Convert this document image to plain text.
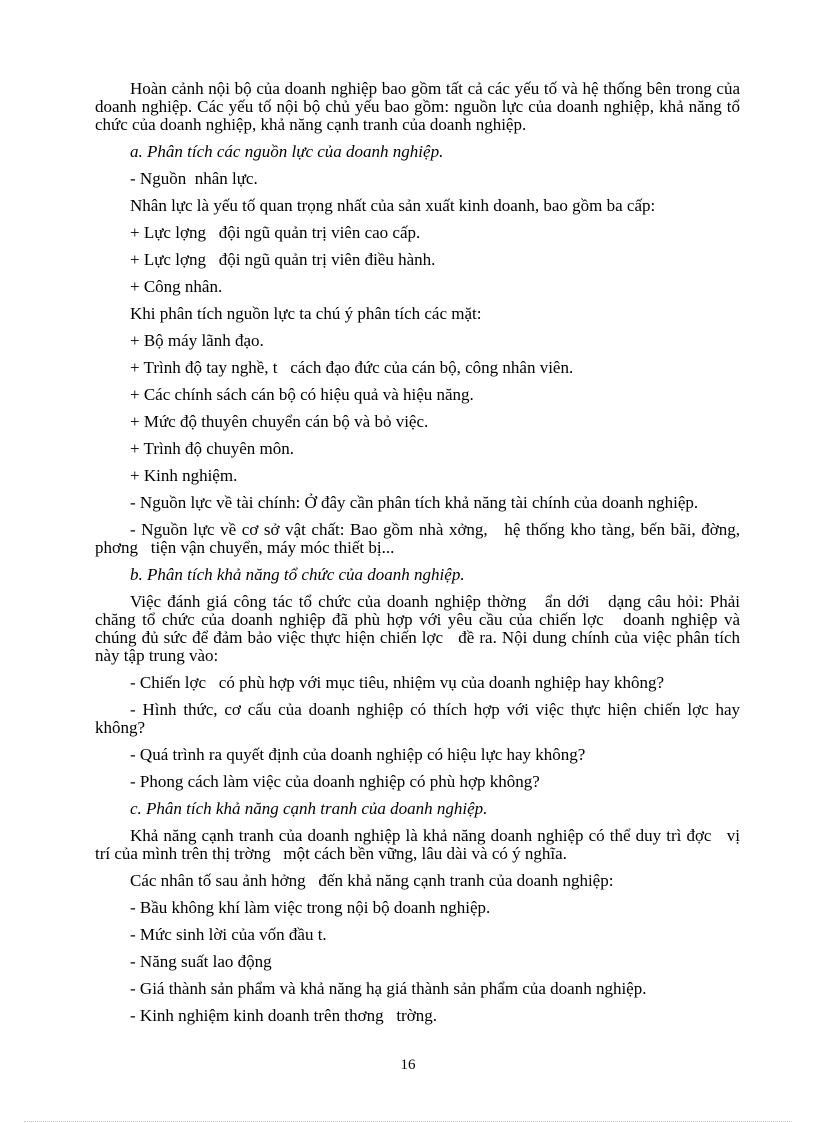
Hoàn cảnh nội bộ của doanh nghiệp bao gồm tất cả các yếu tố và hệ thống bên trong của doanh nghiệp. Các yếu tố nội bộ chủ yếu bao gồm: nguồn lực của doanh nghiệp, khả năng tổ chức của doanh nghiệp, khả năng cạnh tranh của doanh nghiệp.

a. Phân tích các nguồn lực của doanh nghiệp.

- Nguồn  nhân lực.

Nhân lực là yếu tố quan trọng nhất của sản xuất kinh doanh, bao gồm ba cấp:

+ Lực lợng   đội ngũ quản trị viên cao cấp.

+ Lực lợng   đội ngũ quản trị viên điều hành.

+ Công nhân.

Khi phân tích nguồn lực ta chú ý phân tích các mặt:

+ Bộ máy lãnh đạo.

+ Trình độ tay nghề, t   cách đạo đức của cán bộ, công nhân viên.

+ Các chính sách cán bộ có hiệu quả và hiệu năng.

+ Mức độ thuyên chuyển cán bộ và bỏ việc.

+ Trình độ chuyên môn.

+ Kinh nghiệm.

- Nguồn lực về tài chính: Ở đây cần phân tích khả năng tài chính của doanh nghiệp.

- Nguồn lực về cơ sở vật chất: Bao gồm nhà xởng,   hệ thống kho tàng, bến bãi, đờng,   phơng   tiện vận chuyển, máy móc thiết bị...

b. Phân tích khả năng tổ chức của doanh nghiệp.

Việc đánh giá công tác tổ chức của doanh nghiệp thờng   ẩn dới   dạng câu hỏi: Phải chăng tổ chức của doanh nghiệp đã phù hợp với yêu cầu của chiến lợc   doanh nghiệp và chúng đủ sức để đảm bảo việc thực hiện chiến lợc   đề ra. Nội dung chính của việc phân tích này tập trung vào:

- Chiến lợc   có phù hợp với mục tiêu, nhiệm vụ của doanh nghiệp hay không?

- Hình thức, cơ cấu của doanh nghiệp có thích hợp với việc thực hiện chiến lợc hay không?

- Quá trình ra quyết định của doanh nghiệp có hiệu lực hay không?

- Phong cách làm việc của doanh nghiệp có phù hợp không?

c. Phân tích khả năng cạnh tranh của doanh nghiệp.

Khả năng cạnh tranh của doanh nghiệp là khả năng doanh nghiệp có thể duy trì đợc   vị trí của mình trên thị trờng   một cách bền vững, lâu dài và có ý nghĩa.

Các nhân tố sau ảnh hởng   đến khả năng cạnh tranh của doanh nghiệp:

- Bầu không khí làm việc trong nội bộ doanh nghiệp.

- Mức sinh lời của vốn đầu t.

- Năng suất lao động

- Giá thành sản phẩm và khả năng hạ giá thành sản phẩm của doanh nghiệp.

- Kinh nghiệm kinh doanh trên thơng   trờng.

16
